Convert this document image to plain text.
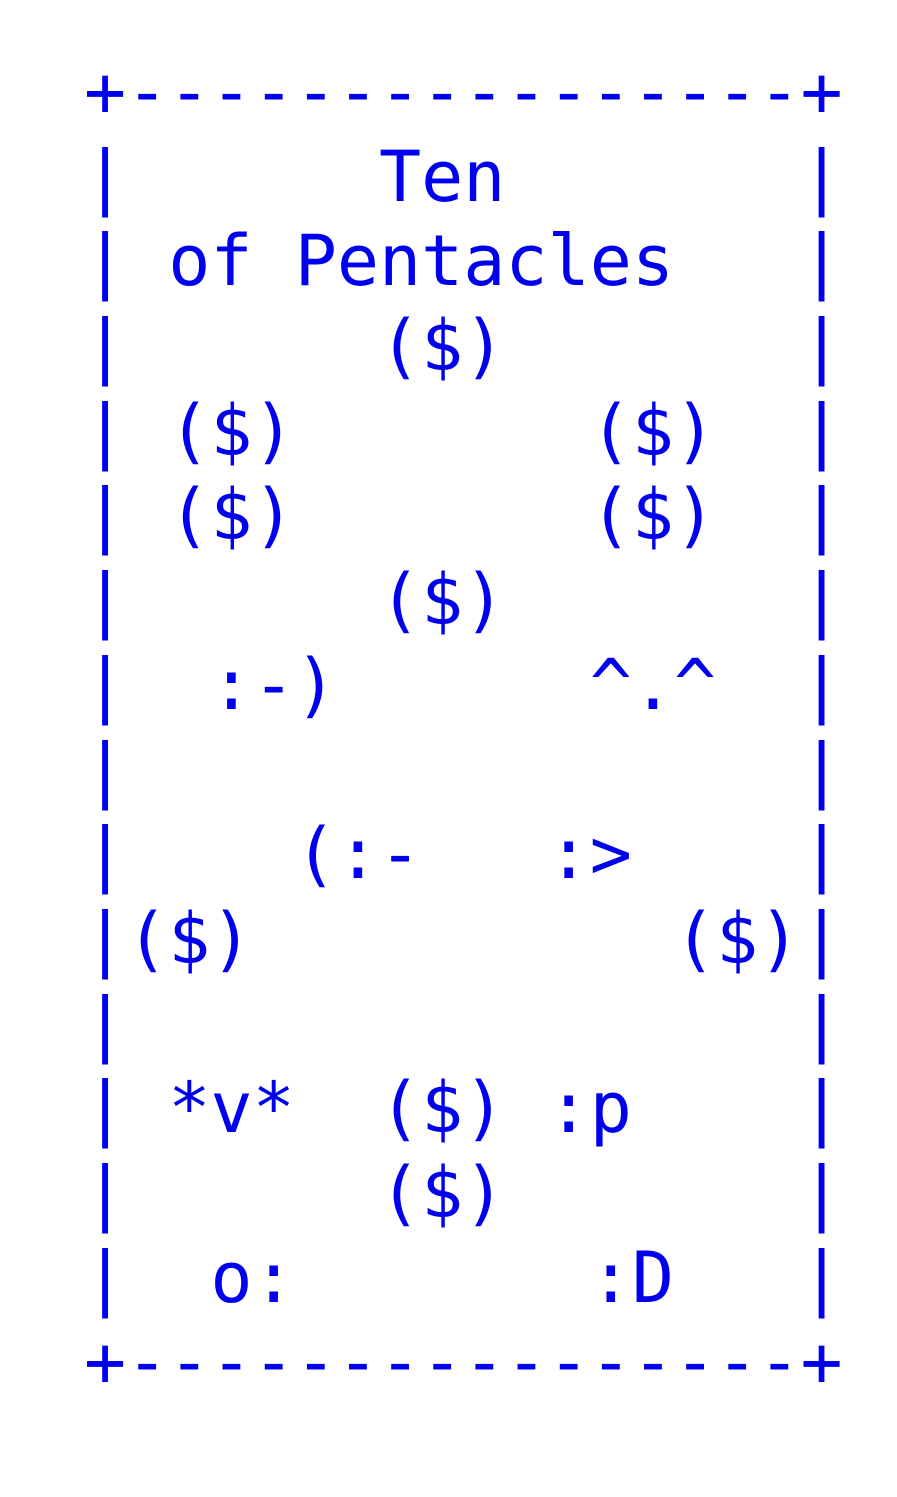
+----------------+
|      Ten       |
| of Pentacles   |
|      ($)       |
| ($)       ($)  |
| ($)       ($)  |
|      ($)       |
|  :-)      ^.^  |
|                |
|    (:-   :>    |
|($)          ($)|
|                |
| *v*  ($) :p    |
|      ($)       |
|  o:       :D   |
+----------------+
